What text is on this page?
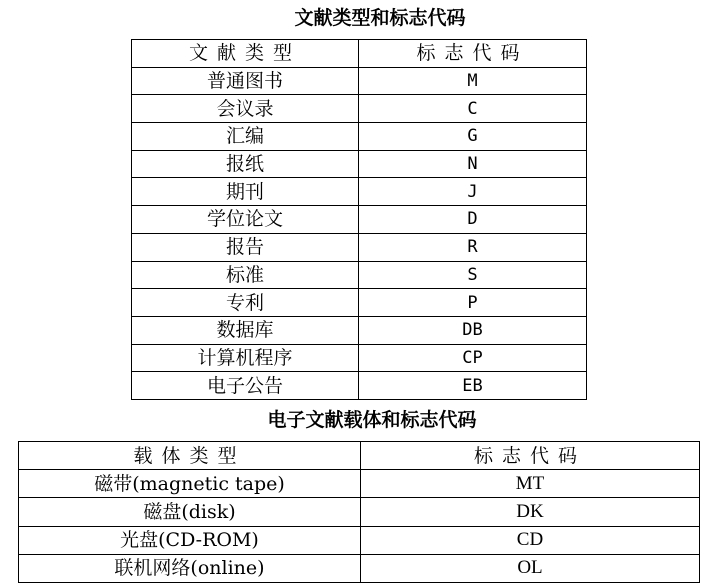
文献类型和标志代码
文献类型	标志代码
普通图书	M
会议录	C
汇编	G
报纸	N
期刊	J
学位论文	D
报告	R
标准	S
专利	P
数据库	DB
计算机程序	CP
电子公告	EB
电子文献载体和标志代码
载体类型	标志代码
磁带(magnetic tape)	MT
磁盘(disk)	DK
光盘(CD-ROM)	CD
联机网络(online)	OL
